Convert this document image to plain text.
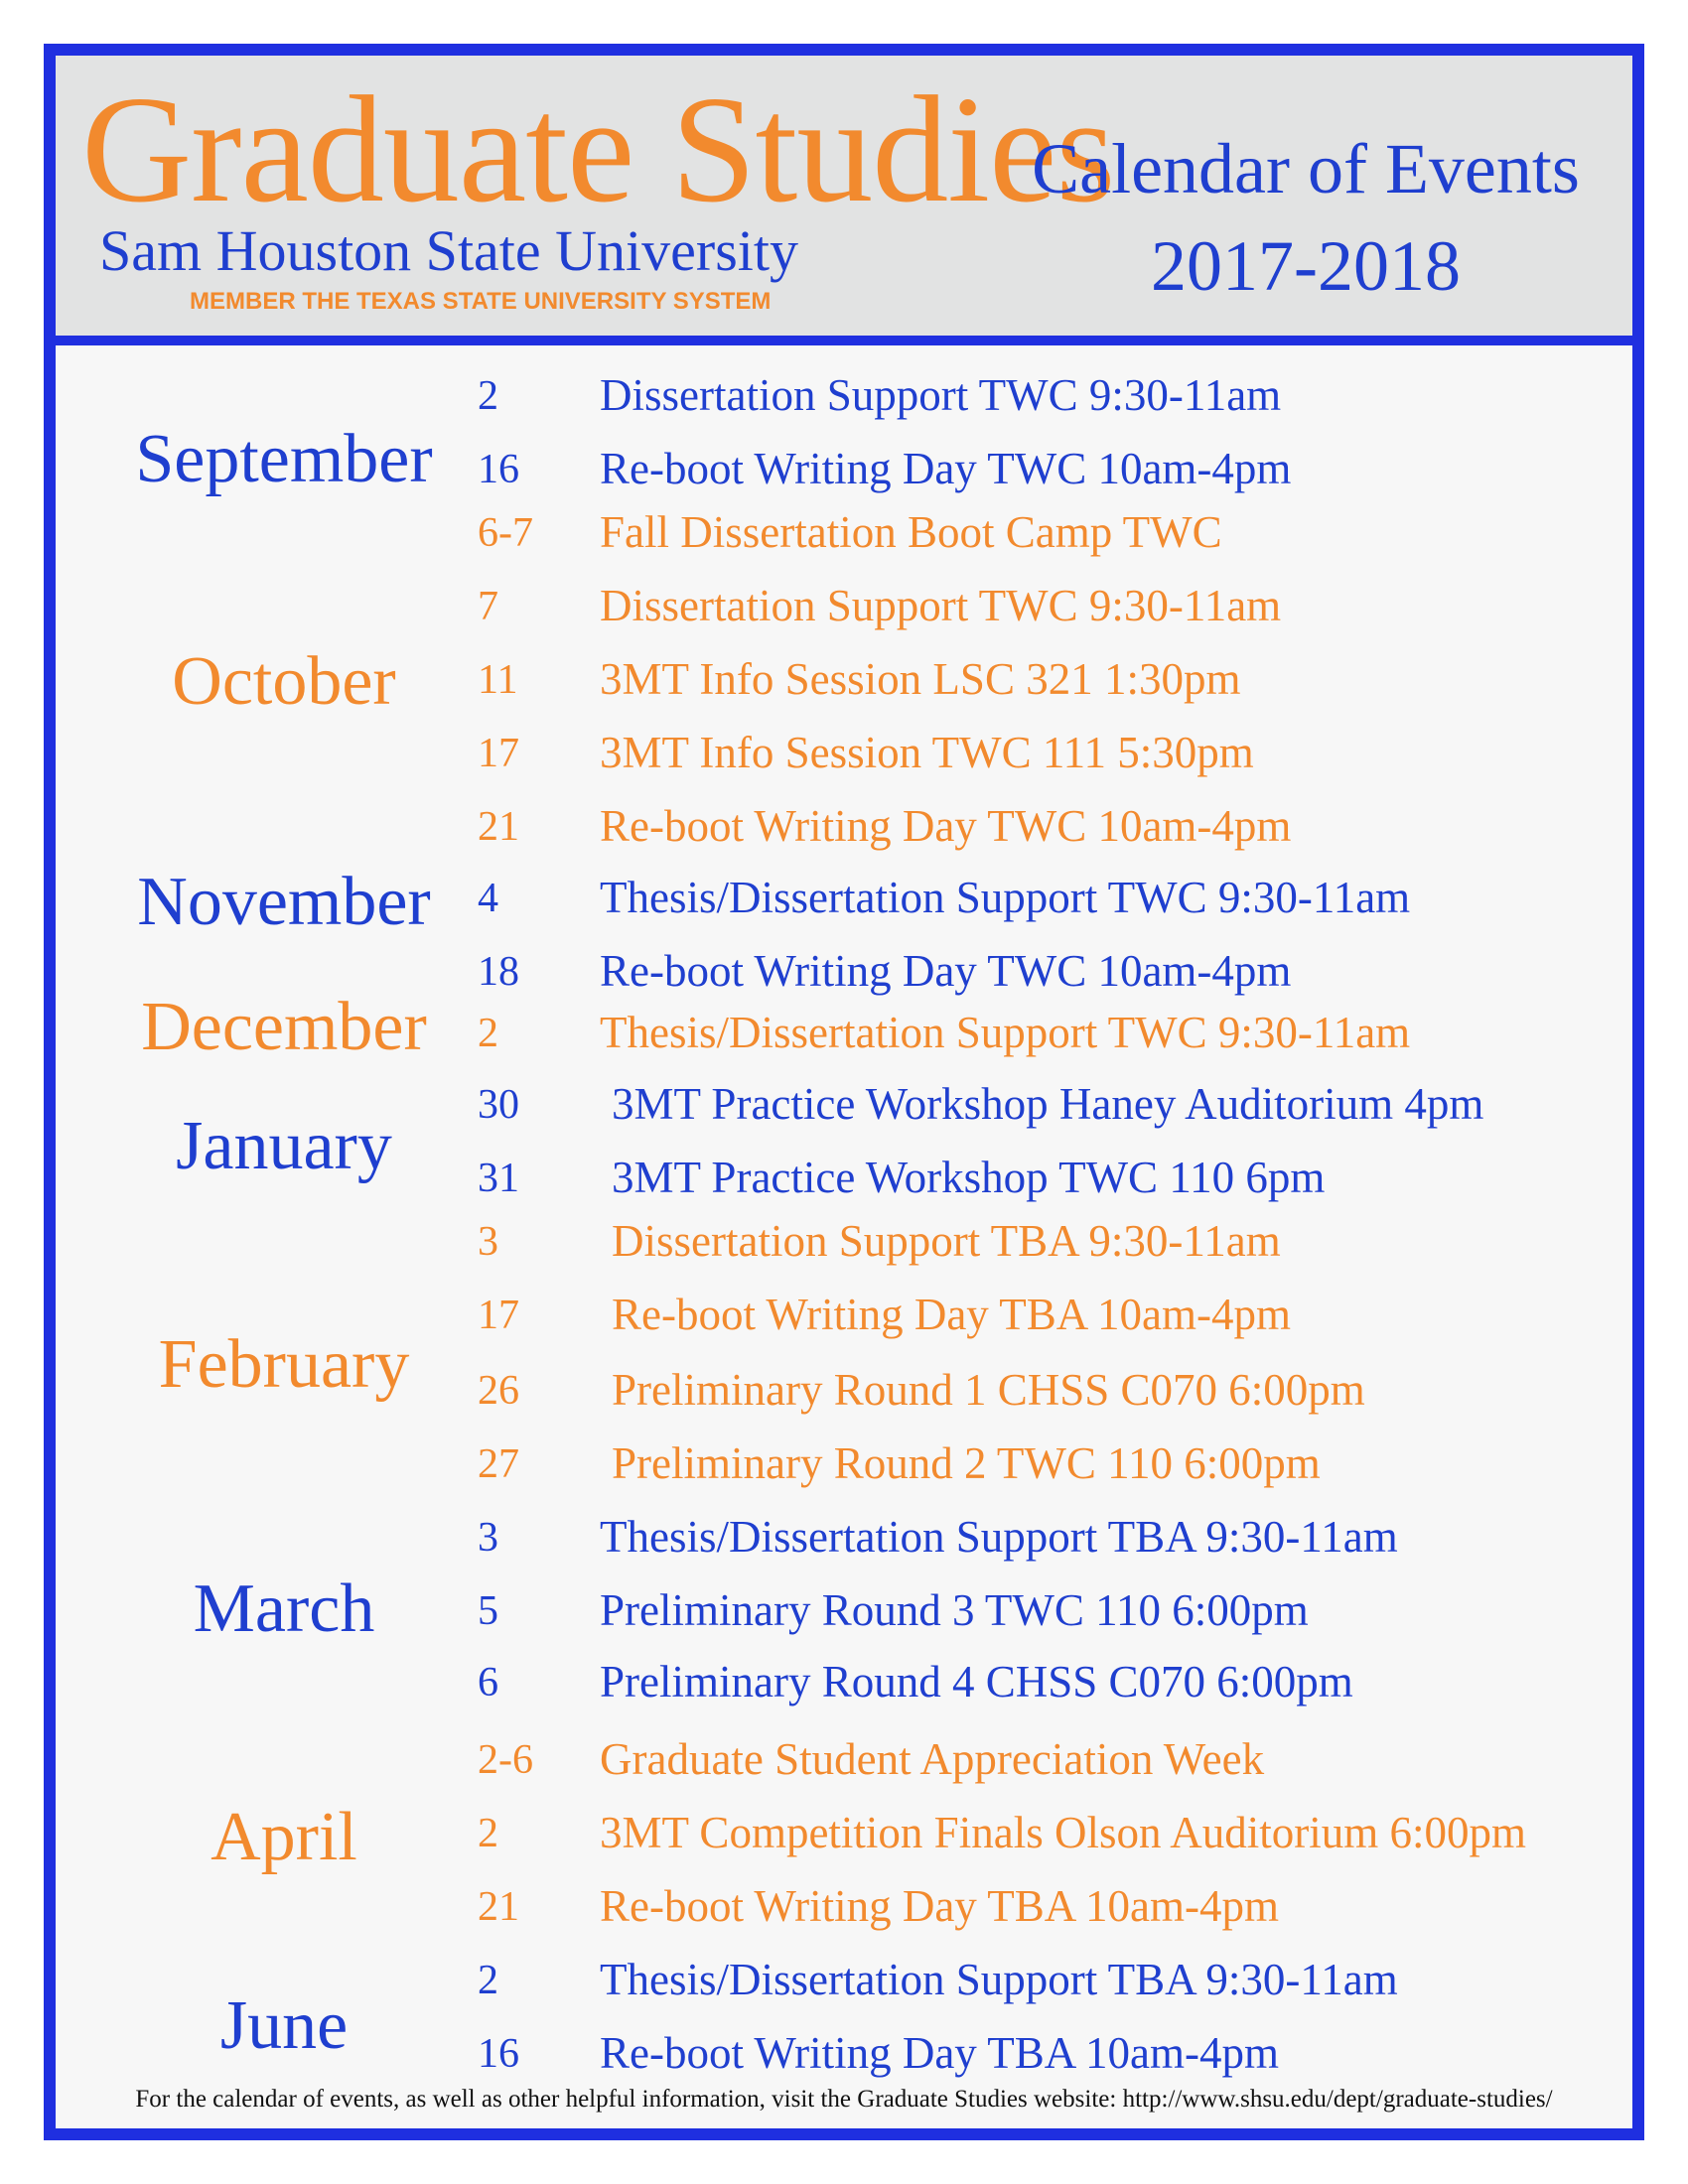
Graduate Studies
Sam Houston State University
MEMBER THE TEXAS STATE UNIVERSITY SYSTEM
Calendar of Events
2017-2018
September
October
November
December
January
February
March
April
June
2 Dissertation Support TWC 9:30-11am
16 Re-boot Writing Day TWC 10am-4pm
6-7 Fall Dissertation Boot Camp TWC
7 Dissertation Support TWC 9:30-11am
11 3MT Info Session LSC 321 1:30pm
17 3MT Info Session TWC 111 5:30pm
21 Re-boot Writing Day TWC 10am-4pm
4 Thesis/Dissertation Support TWC 9:30-11am
18 Re-boot Writing Day TWC 10am-4pm
2 Thesis/Dissertation Support TWC 9:30-11am
30 3MT Practice Workshop Haney Auditorium 4pm
31 3MT Practice Workshop TWC 110 6pm
3	Dissertation Support TBA 9:30-11am
17 Re-boot Writing Day TBA 10am-4pm
26 Preliminary Round 1 CHSS C070 6:00pm
27 Preliminary Round 2 TWC 110 6:00pm
3 Thesis/Dissertation Support TBA 9:30-11am
5 Preliminary Round 3 TWC 110 6:00pm
6 Preliminary Round 4 CHSS C070 6:00pm
2-6 Graduate Student Appreciation Week
2 3MT Competition Finals Olson Auditorium 6:00pm
21 Re-boot Writing Day TBA 10am-4pm
2 Thesis/Dissertation Support TBA 9:30-11am
16 Re-boot Writing Day TBA 10am-4pm
For the calendar of events, as well as other helpful information, visit the Graduate Studies website: http://www.shsu.edu/dept/graduate-studies/
